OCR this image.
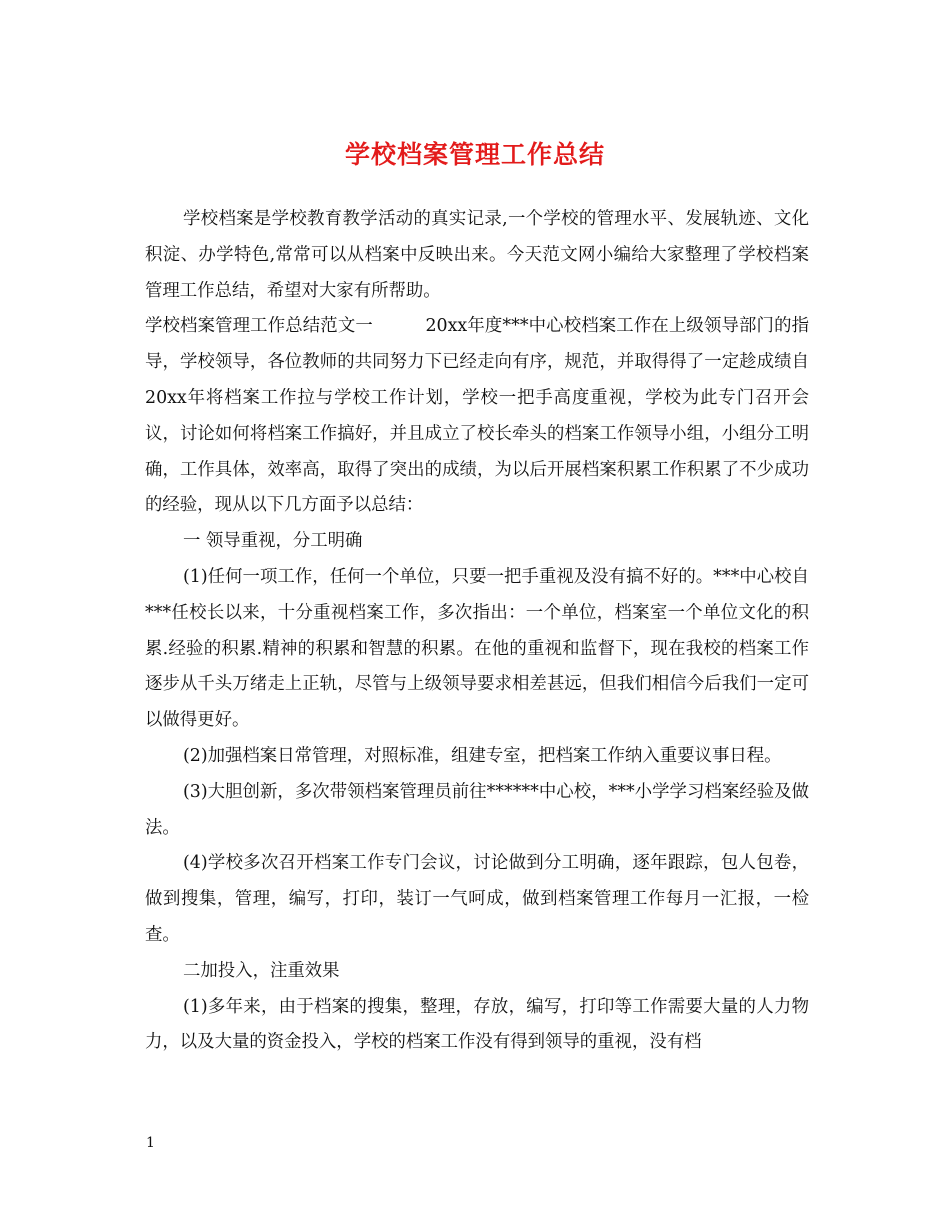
学校档案管理工作总结

学校档案是学校教育教学活动的真实记录,一个学校的管理水平、发展轨迹、文化积淀、办学特色,常常可以从档案中反映出来。今天范文网小编给大家整理了学校档案管理工作总结，希望对大家有所帮助。

学校档案管理工作总结范文一　　　20xx年度***中心校档案工作在上级领导部门的指导，学校领导，各位教师的共同努力下已经走向有序，规范，并取得得了一定趁成绩自20xx年将档案工作拉与学校工作计划，学校一把手高度重视，学校为此专门召开会议，讨论如何将档案工作搞好，并且成立了校长牵头的档案工作领导小组，小组分工明确，工作具体，效率高，取得了突出的成绩，为以后开展档案积累工作积累了不少成功的经验，现从以下几方面予以总结：

一 领导重视，分工明确

(1)任何一项工作，任何一个单位，只要一把手重视及没有搞不好的。***中心校自***任校长以来，十分重视档案工作，多次指出：一个单位，档案室一个单位文化的积累.经验的积累.精神的积累和智慧的积累。在他的重视和监督下，现在我校的档案工作逐步从千头万绪走上正轨，尽管与上级领导要求相差甚远，但我们相信今后我们一定可以做得更好。

(2)加强档案日常管理，对照标准，组建专室，把档案工作纳入重要议事日程。

(3)大胆创新，多次带领档案管理员前往******中心校，***小学学习档案经验及做法。

(4)学校多次召开档案工作专门会议，讨论做到分工明确，逐年跟踪，包人包卷，做到搜集，管理，编写，打印，装订一气呵成，做到档案管理工作每月一汇报，一检查。

二加投入，注重效果

(1)多年来，由于档案的搜集，整理，存放，编写，打印等工作需要大量的人力物力，以及大量的资金投入，学校的档案工作没有得到领导的重视，没有档

1
